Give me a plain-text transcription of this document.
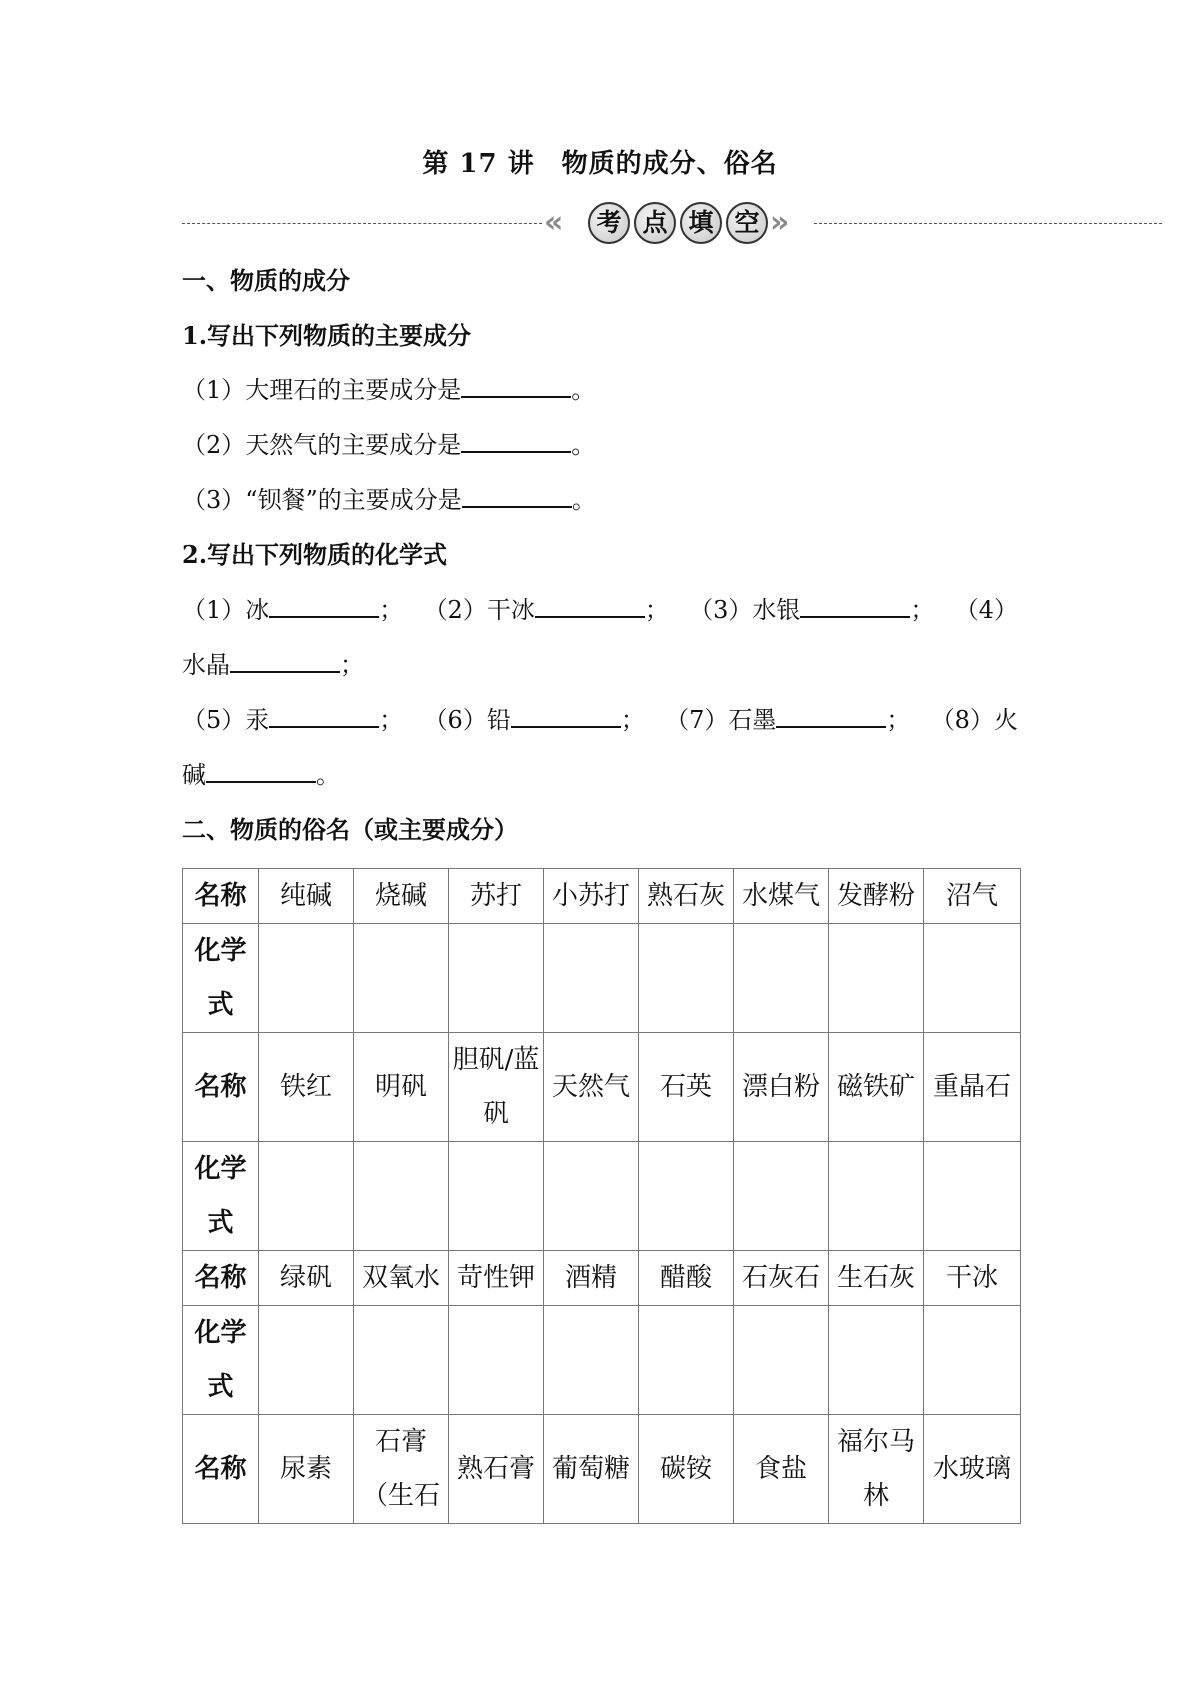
第 17 讲　物质的成分、俗名
«	考 点 填 空 »
一、物质的成分
1.写出下列物质的主要成分
（1）大理石的主要成分是	。
（2）天然气的主要成分是	。
（3）“钡餐”的主要成分是	。
2.写出下列物质的化学式
（1）冰	； （2）干冰	； （3）水银	； （4）
水晶	；
（5）汞	； （6）铅	； （7）石墨	； （8）火
碱	。
二、物质的俗名（或主要成分）
名称	纯碱	烧碱	苏打	小苏打	熟石灰	水煤气	发酵粉	沼气

化学式								

名称	铁红	明矾	胆矾/蓝矾	天然气	石英	漂白粉	磁铁矿	重晶石

化学式								

名称	绿矾	双氧水	苛性钾	酒精	醋酸	石灰石	生石灰	干冰

化学式								

名称	尿素	石膏（生石	熟石膏	葡萄糖	碳铵	食盐	福尔马林	水玻璃
